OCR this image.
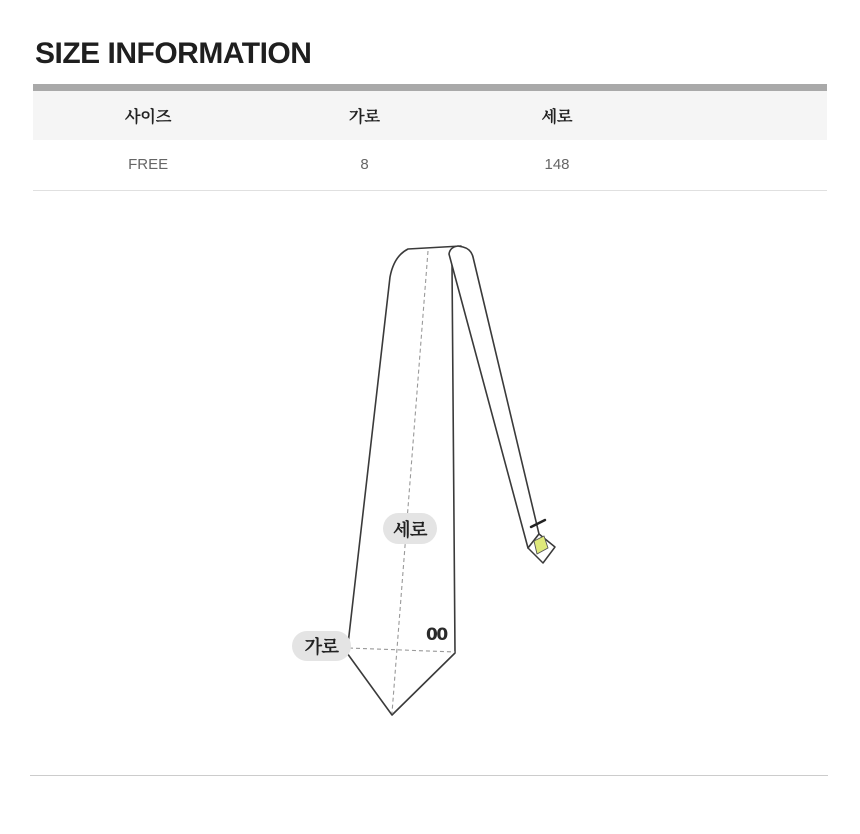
SIZE INFORMATION
사이즈	가로	세로	
FREE	8	148	
00
세로
가로
